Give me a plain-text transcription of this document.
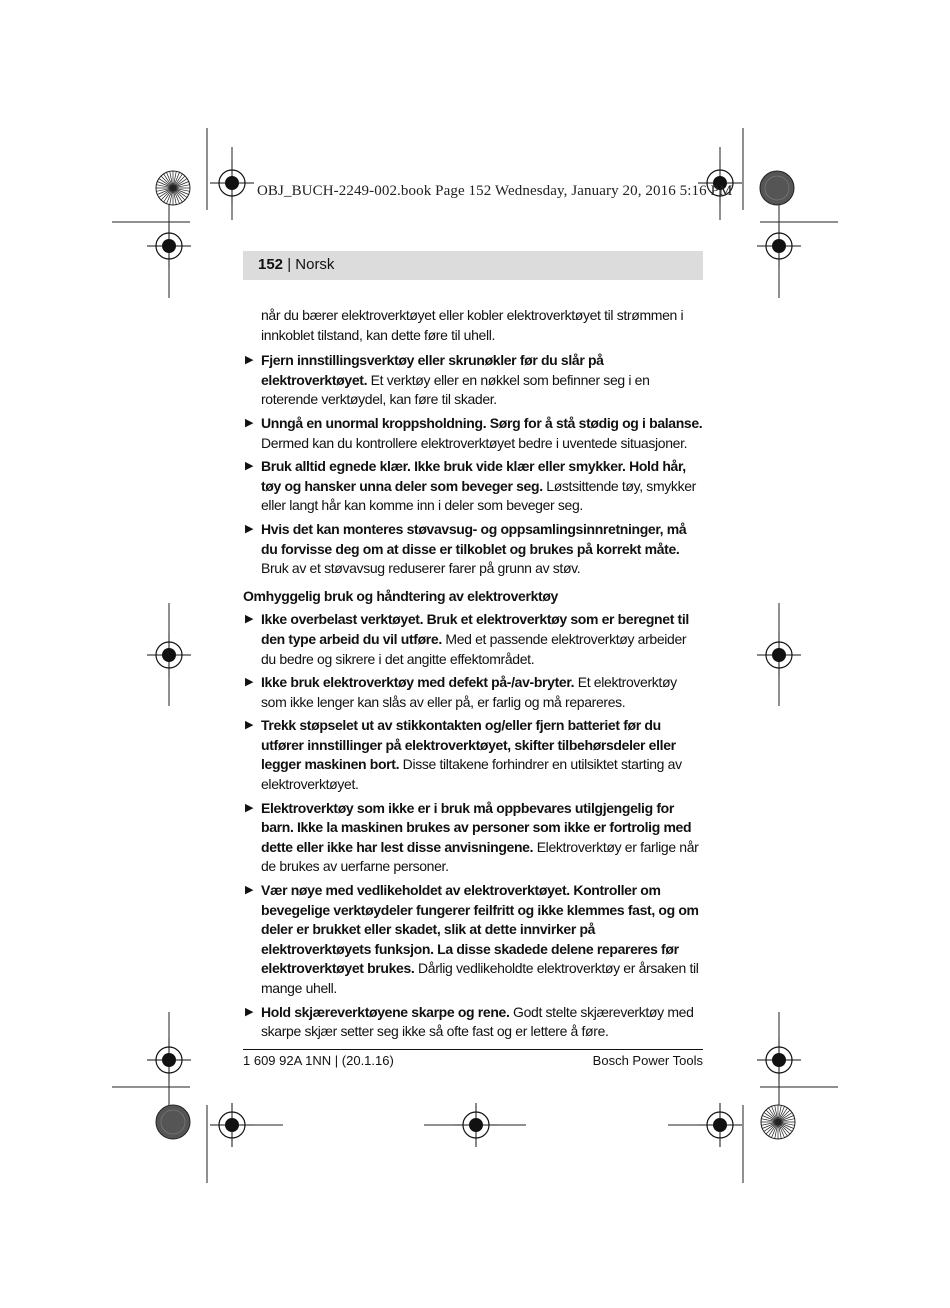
OBJ_BUCH-2249-002.book Page 152 Wednesday, January 20, 2016 5:16 PM
152 | Norsk

når du bærer elektroverktøyet eller kobler elektroverktøyet til strømmen i innkoblet tilstand, kan dette føre til uhell.

▶ Fjern innstillingsverktøy eller skrunøkler før du slår på elektroverktøyet. Et verktøy eller en nøkkel som befinner seg i en roterende verktøydel, kan føre til skader.

▶ Unngå en unormal kroppsholdning. Sørg for å stå stødig og i balanse. Dermed kan du kontrollere elektroverktøyet bedre i uventede situasjoner.

▶ Bruk alltid egnede klær. Ikke bruk vide klær eller smykker. Hold hår, tøy og hansker unna deler som beveger seg. Løstsittende tøy, smykker eller langt hår kan komme inn i deler som beveger seg.

▶ Hvis det kan monteres støvavsug- og oppsamlingsinnretninger, må du forvisse deg om at disse er tilkoblet og brukes på korrekt måte. Bruk av et støvavsug reduserer farer på grunn av støv.

Omhyggelig bruk og håndtering av elektroverktøy

▶ Ikke overbelast verktøyet. Bruk et elektroverktøy som er beregnet til den type arbeid du vil utføre. Med et passende elektroverktøy arbeider du bedre og sikrere i det angitte effektområdet.

▶ Ikke bruk elektroverktøy med defekt på-/av-bryter. Et elektroverktøy som ikke lenger kan slås av eller på, er farlig og må repareres.

▶ Trekk støpselet ut av stikkontakten og/eller fjern batteriet før du utfører innstillinger på elektroverktøyet, skifter tilbehørsdeler eller legger maskinen bort. Disse tiltakene forhindrer en utilsiktet starting av elektroverktøyet.

▶ Elektroverktøy som ikke er i bruk må oppbevares utilgjengelig for barn. Ikke la maskinen brukes av personer som ikke er fortrolig med dette eller ikke har lest disse anvisningene. Elektroverktøy er farlige når de brukes av uerfarne personer.

▶ Vær nøye med vedlikeholdet av elektroverktøyet. Kontroller om bevegelige verktøydeler fungerer feilfritt og ikke klemmes fast, og om deler er brukket eller skadet, slik at dette innvirker på elektroverktøyets funksjon. La disse skadede delene repareres før elektroverktøyet brukes. Dårlig vedlikeholdte elektroverktøy er årsaken til mange uhell.

▶ Hold skjæreverktøyene skarpe og rene. Godt stelte skjæreverktøy med skarpe skjær setter seg ikke så ofte fast og er lettere å føre.

1 609 92A 1NN | (20.1.16)	Bosch Power Tools
